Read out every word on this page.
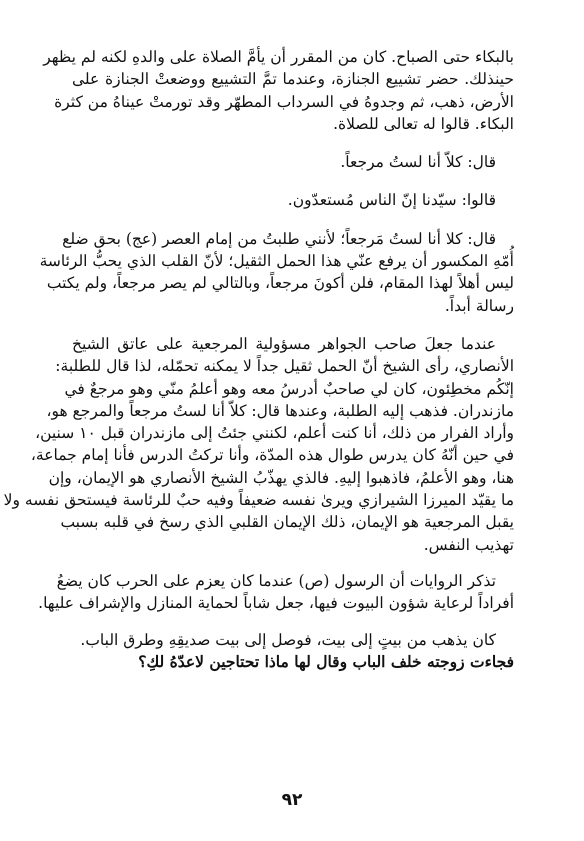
بالبكاء حتى الصباح. كان من المقرر أن يأمَّ الصلاة على والدهِ لكنه لم يظهر
حينذلك. حضر تشييع الجنازة، وعندما تمَّ التشييع ووضعتْ الجنازة على
الأرض، ذهب، ثم وجدوهُ في السرداب المطهّر وقد تورمتْ عيناهُ من كثرة
البكاء. قالوا له تعالى للصلاة.

قال: كلاّ أنا لستُ مرجعاً.

قالوا: سيّدنا إنّ الناس مُستعدّون.

قال: كلا أنا لستُ مَرجعاً؛ لأنني طلبتُ من إمام العصر (عج) بحق ضلع
أُمّهِ المكسور أن يرفع عنّي هذا الحمل الثقيل؛ لأنّ القلب الذي يحبُّ الرئاسة
ليس أهلاً لهذا المقام، فلن أكونَ مرجعاً، وبالتالي لم يصر مرجعاً، ولم يكتب
رسالة أبداً.

عندما جعلَ صاحب الجواهر مسؤولية المرجعية على عاتق الشيخ
الأنصاري، رأى الشيخ أنّ الحمل ثقيل جداً لا يمكنه تحمّله، لذا قال للطلبة:
إنّكُم مخطِئون، كان لي صاحبٌ أدرسُ معه وهو أعلمُ منّي وهو مرجعٌ في
مازندران. فذهب إليه الطلبة، وعندها قال: كلاّ أنا لستُ مرجعاً والمرجع هو،
وأراد الفرار من ذلك، أنا كنت أعلم، لكنني جئتُ إلى مازندران قبل ١٠ سنين،
في حين أنّهُ كان يدرس طوال هذه المدّة، وأنا تركتُ الدرس فأنا إمام جماعة،
هنا، وهو الأعلمُ، فاذهبوا إليهِ. فالذي يهذّبُ الشيخ الأنصاري هو الإيمان، وإن
ما يقيّد الميرزا الشيرازي ويرىٰ نفسه ضعيفاً وفيه حبٌ للرئاسة فيستحق نفسه ولا
يقبل المرجعية هو الإيمان، ذلك الإيمان القلبي الذي رسخ في قلبه بسبب
تهذيب النفس.

تذكر الروايات أن الرسول (ص) عندما كان يعزم على الحرب كان يضعُ
أفراداً لرعاية شؤون البيوت فيها، جعل شاباً لحماية المنازل والإشراف عليها.

كان يذهب من بيتٍ إلى بيت، فوصل إلى بيت صديقِهِ وطرق الباب.
فجاءت زوجته خلف الباب وقال لها ماذا تحتاجين لاعدّهُ لكِ؟

٩٢
